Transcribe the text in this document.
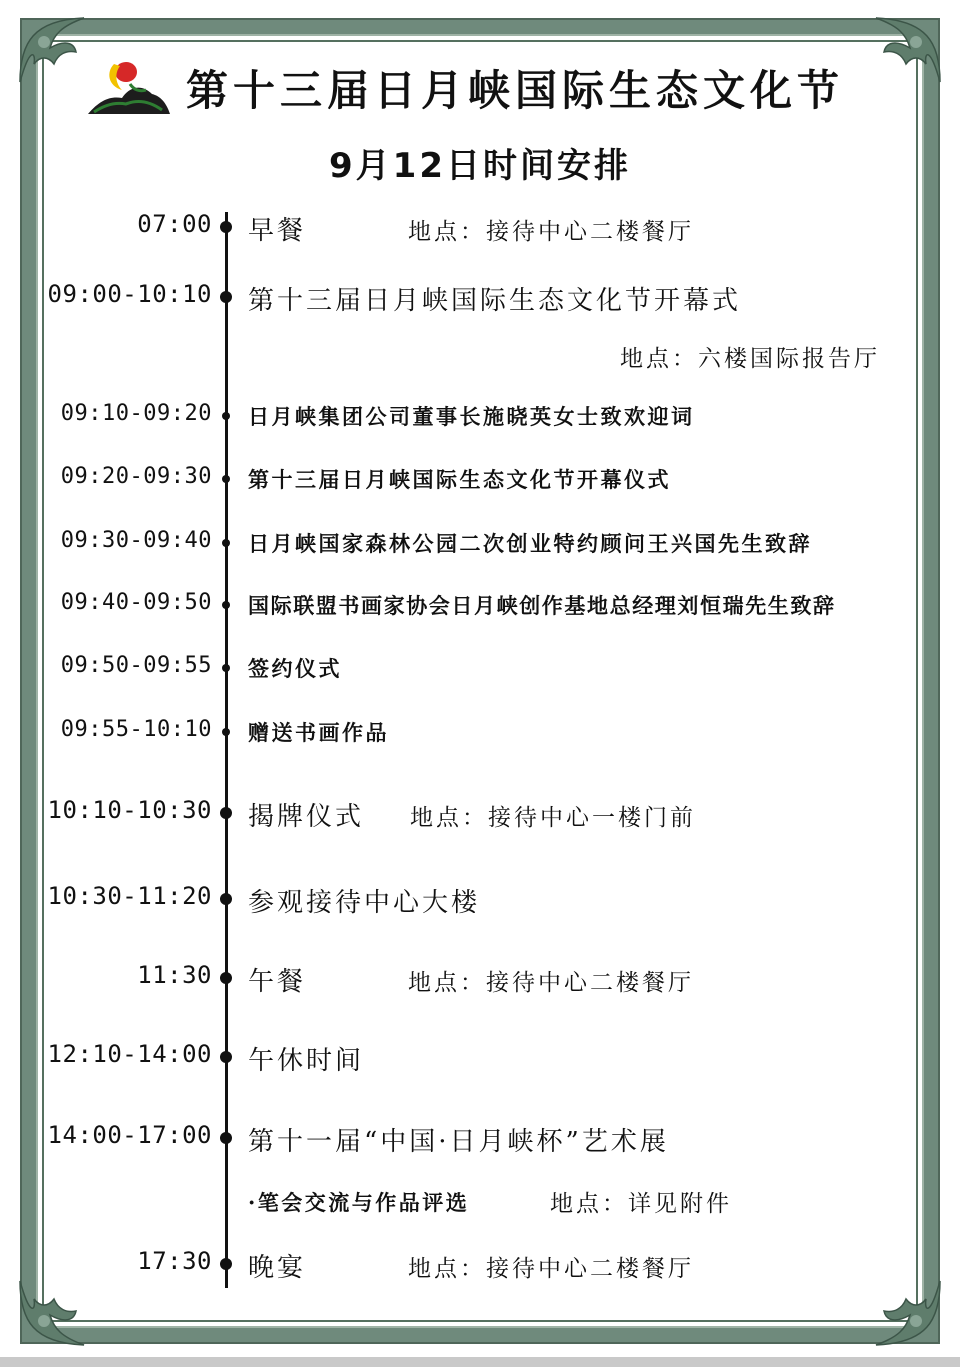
第十三届日月峡国际生态文化节
9月12日时间安排
07:00 早餐	地点：接待中心二楼餐厅
09:00-10:10 第十三届日月峡国际生态文化节开幕式
地点：六楼国际报告厅
09:10-09:20 日月峡集团公司董事长施晓英女士致欢迎词
09:20-09:30 第十三届日月峡国际生态文化节开幕仪式
09:30-09:40 日月峡国家森林公园二次创业特约顾问王兴国先生致辞
09:40-09:50 国际联盟书画家协会日月峡创作基地总经理刘恒瑞先生致辞
09:50-09:55 签约仪式
09:55-10:10 赠送书画作品
10:10-10:30 揭牌仪式 地点：接待中心一楼门前
10:30-11:20 参观接待中心大楼
11:30 午餐	地点：接待中心二楼餐厅
12:10-14:00 午休时间
14:00-17:00 第十一届“中国·日月峡杯”艺术展
·笔会交流与作品评选	地点：详见附件
17:30 晚宴	地点：接待中心二楼餐厅
